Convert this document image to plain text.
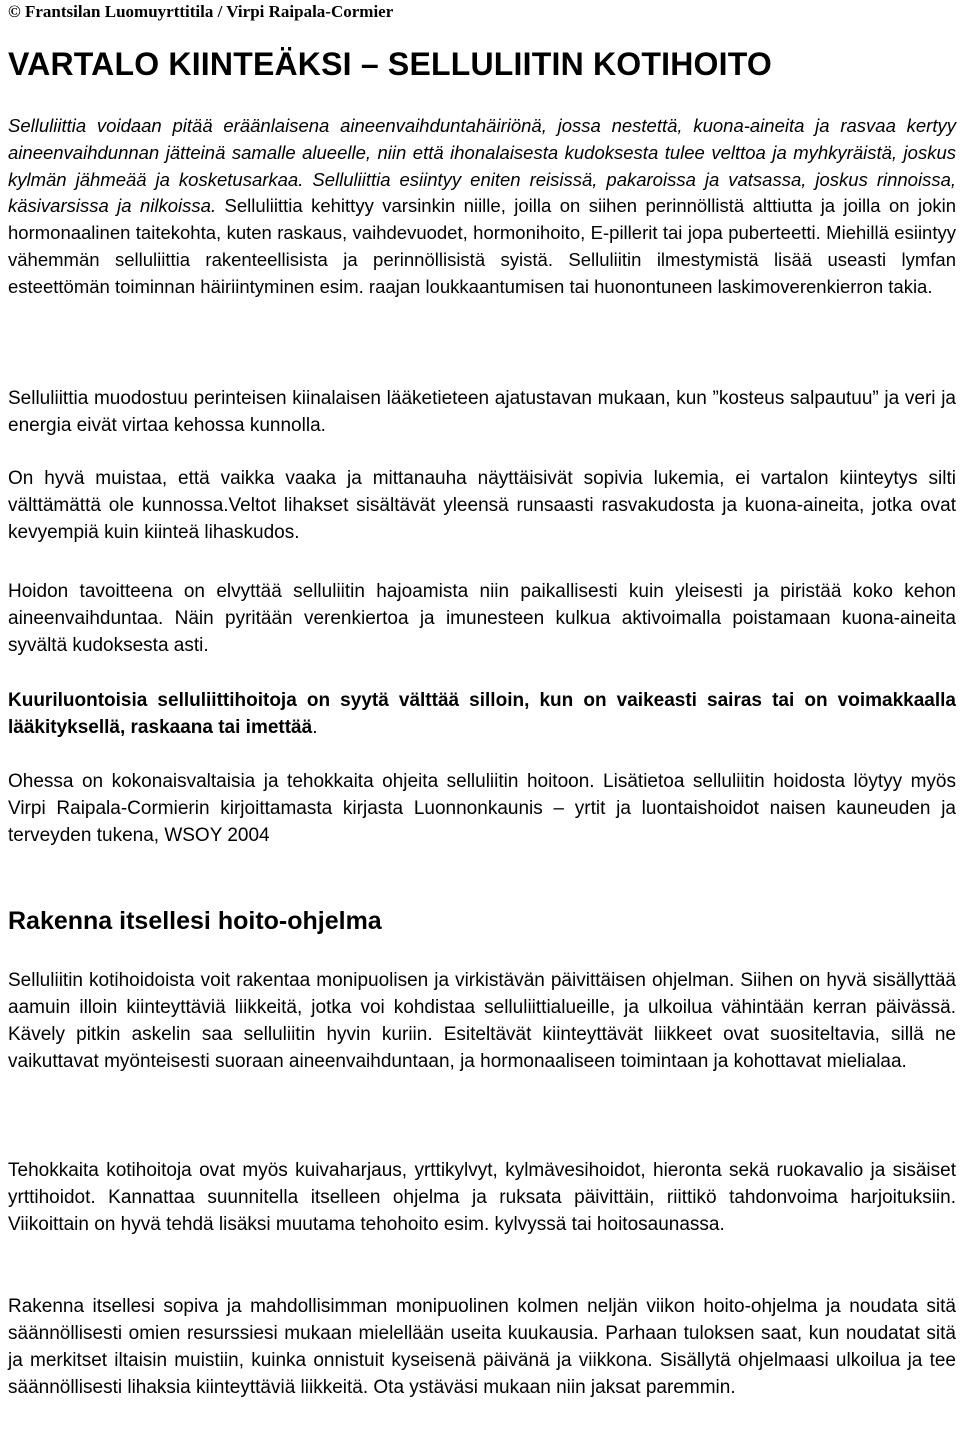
© Frantsilan Luomuyrttitila / Virpi Raipala-Cormier
VARTALO KIINTEÄKSI – SELLULIITIN KOTIHOITO

Selluliittia voidaan pitää eräänlaisena aineenvaihduntahäiriönä, jossa nestettä, kuona-aineita ja rasvaa kertyy aineenvaihdunnan jätteinä samalle alueelle, niin että ihonalaisesta kudoksesta tulee velttoa ja myhkyräistä, joskus kylmän jähmeää ja kosketusarkaa. Selluliittia esiintyy eniten reisissä, pakaroissa ja vatsassa, joskus rinnoissa, käsivarsissa ja nilkoissa. Selluliittia kehittyy varsinkin niille, joilla on siihen perinnöllistä alttiutta ja joilla on jokin hormonaalinen taitekohta, kuten raskaus, vaihdevuodet, hormonihoito, E-pillerit tai jopa puberteetti. Miehillä esiintyy vähemmän selluliittia rakenteellisista ja perinnöllisistä syistä. Selluliitin ilmestymistä lisää useasti lymfan esteettömän toiminnan häiriintyminen esim. raajan loukkaantumisen tai huonontuneen laskimoverenkierron takia.

Selluliittia muodostuu perinteisen kiinalaisen lääketieteen ajatustavan mukaan, kun ”kosteus salpautuu” ja veri ja energia eivät virtaa kehossa kunnolla.

On hyvä muistaa, että vaikka vaaka ja mittanauha näyttäisivät sopivia lukemia, ei vartalon kiinteytys silti välttämättä ole kunnossa.Veltot lihakset sisältävät yleensä runsaasti rasvakudosta ja kuona-aineita, jotka ovat kevyempiä kuin kiinteä lihaskudos.

Hoidon tavoitteena on elvyttää selluliitin hajoamista niin paikallisesti kuin yleisesti ja piristää koko kehon aineenvaihduntaa. Näin pyritään verenkiertoa ja imunesteen kulkua aktivoimalla poistamaan kuona-aineita syvältä kudoksesta asti.

Kuuriluontoisia selluliittihoitoja on syytä välttää silloin, kun on vaikeasti sairas tai on voimakkaalla lääkityksellä, raskaana tai imettää.

Ohessa on kokonaisvaltaisia ja tehokkaita ohjeita selluliitin hoitoon. Lisätietoa selluliitin hoidosta löytyy myös Virpi Raipala-Cormierin kirjoittamasta kirjasta Luonnonkaunis – yrtit ja luontaishoidot naisen kauneuden ja terveyden tukena, WSOY 2004

Rakenna itsellesi hoito-ohjelma

Selluliitin kotihoidoista voit rakentaa monipuolisen ja virkistävän päivittäisen ohjelman. Siihen on hyvä sisällyttää aamuin illoin kiinteyttäviä liikkeitä, jotka voi kohdistaa selluliittialueille, ja ulkoilua vähintään kerran päivässä. Kävely pitkin askelin saa selluliitin hyvin kuriin. Esiteltävät kiinteyttävät liikkeet ovat suositeltavia, sillä ne vaikuttavat myönteisesti suoraan aineenvaihduntaan, ja hormonaaliseen toimintaan ja kohottavat mielialaa.

Tehokkaita kotihoitoja ovat myös kuivaharjaus, yrttikylvyt, kylmävesihoidot, hieronta sekä ruokavalio ja sisäiset yrttihoidot. Kannattaa suunnitella itselleen ohjelma ja ruksata päivittäin, riittikö tahdonvoima harjoituksiin. Viikoittain on hyvä tehdä lisäksi muutama tehohoito esim. kylvyssä tai hoitosaunassa.

Rakenna itsellesi sopiva ja mahdollisimman monipuolinen kolmen neljän viikon hoito-ohjelma ja noudata sitä säännöllisesti omien resurssiesi mukaan mielellään useita kuukausia. Parhaan tuloksen saat, kun noudatat sitä ja merkitset iltaisin muistiin, kuinka onnistuit kyseisenä päivänä ja viikkona. Sisällytä ohjelmaasi ulkoilua ja tee säännöllisesti lihaksia kiinteyttäviä liikkeitä. Ota ystäväsi mukaan niin jaksat paremmin.
